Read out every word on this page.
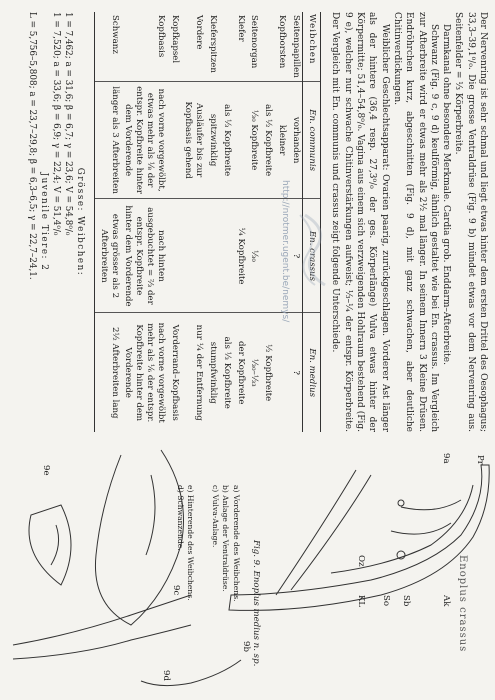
Der Nervenring ist sehr schmal und liegt etwas hinter dem ersten Drittel des Oesophagus; 33,3–39,1⁰/₀. Die grosse Ventraldrüse (Fig. 9 b) mündet etwas vor dem Nervenring aus. Seitenfelder = ⅓ Körperbreite.

Darmkanal ohne besondere Merkmale. Cardia grob. Enddarm–Afterbreite.

Schwanz (Fig. 9 c, 9 d) keulförmig, ähnlich gestaltet wie bei En. crassus. Im Vergleich zur Afterbreite wird er etwas mehr als 2½ mal länger. In seinem Innern 3 Kleine Drüsen. Endröhrchen kurz, abgeschnitten (Fig. 9 d), mit ganz schwachen, aber deutliche Chitinverdickungen.

Weiblicher Geschlechtsapparat: Ovarien paarig, zurückgeschlagen. Vorderer Ast länger als der hintere (36,4 resp. 27,3⁰/₀ der ges. Körperlänge) Vulva etwas hinter der Körpermitte; 51,4–54,8⁰/₀. Vagina aus einem sich verzweigenden Hohlraum bestehend (Fig. 9 e), welcher nur schwache Chitinverstärkungen aufweist; ⅓–⅟₄ der entspr. Körperbreite. Der Vergleich mit En. communis und crassus zeigt folgende Unterschiede.

Weibchen	En. communis	En. crassus	En. medius
Seitenpapillen	vorhanden	?	?
Kopfborsten	kleiner		
	als ½ Kopfbreite		½ Kopfbreite
Seitenorgan	⅓₀ Kopfbreite	⅓₀	⅓₀–⅓₃
Kiefer		¼ Kopfbreite	der Kopfbreite
	als ⅓ Kopfbreite		als ⅓ Kopfbreite
Kieferspitzen	spitzwinklig		stumpfwinklig
Vordere	Ausläufer bis zur Kopfbasis gehend		nur ¼ der Entfernung
Kopfkapsel			Vorderrand–Kopfbasis
Kopfbasis	nach vorne vorgewölbt, etwas mehr als ⅛ der entspr. Kopfbreite hinter dem Vorderende	nach hinten ausgebuchtet = ⅔ der entspr. Kopfbreite hinter dem Vorderende	nach vorne vorgewölbt mehr als ⅙ der entspr. Kopfbreite hinter dem Vorderende
Schwanz	länger als 3 Afterbreiten	etwas grösser als 2 Afterbreiten	2½ Afterbreiten lang
Grösse: Weibchen:
1 = 7,462; a = 31,6; β = 6,7; γ = 23,6; V = 54,8⁰/₀
1 = 7,520; a = 33,6; β = 6,9; γ = 22,4; V = 51,4⁰/₀
Juvenile Tiere: 2
L = 5,756–5,808; a = 23,7–29,8; β = 6,3–6,5; γ = 22,7–24,1.
Pr
Ak
Sb
So
KL
Oz
9a
9b
9c
9d
9e
Fig. 9. Enoplus medius n. sp.
a) Vorderende des Weibchens.
b) Anlage der Ventraldrüse.
c) Vulva-Anlage.
e) Hinterende des Weibchens.
d) Schwanzende.
http://nrotmer.ugent.be/nemys/
Enoplus crassus
